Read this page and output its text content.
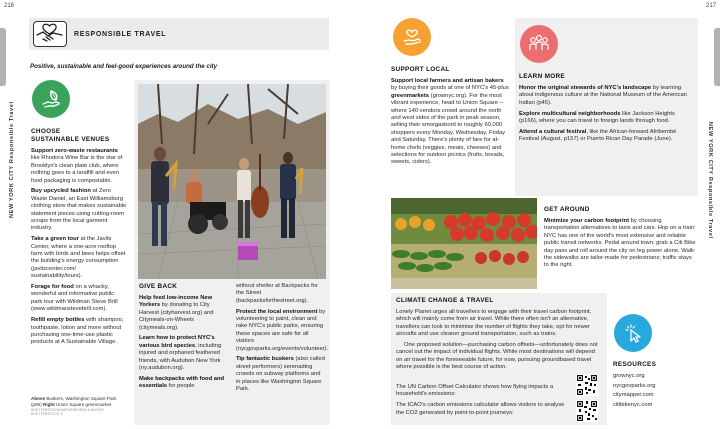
216
NEW YORK CITY Responsible Travel
RESPONSIBLE TRAVEL
Positive, sustainable and feel-good experiences around the city
CHOOSE
SUSTAINABLE VENUES

Support zero-waste restaurants like Rhodora Wine Bar is the star of Brooklyn's clean plate club, where nothing goes to a landfill and even food packaging is compostable.

Buy upcycled fashion at Zero Waste Daniel, an East Williamsburg clothing store that makes sustainable statement pieces using cutting-room scraps from the local garment industry.

Take a green tour at the Javits Center, where a one-acre rooftop farm with birds and bees helps offset the building's energy consumption (javitzcenter.com/ sustainability/tours).

Forage for food on a whacky, wonderful and informative public park tour with Wildman Steve Brill (www.wildmanstevebrill.com).

Refill empty bottles with shampoo, toothpaste, lotion and more without purchasing one-time-use plastic products at A Sustainable Village.

Above Buskers, Washington Square Park (p85) Right Union Square greenmarket
SHUTTERSTOCK/NARUSHEVSKA & ALEXEY SHUTTERSTOCK ©
GIVE BACK

Help feed low-income New Yorkers by donating to City Harvest (cityharvest.org) and Citymeals-on-Wheels (citymeals.org).

Learn how to protect NYC's various bird species, including injured and orphaned feathered friends, with Audubon New York (ny.audubon.org).

Make backpacks with food and essentials for people

without shelter at Backpacks for the Street (backpacksforthestreet.org).

Protect the local environment by volunteering to paint, clean and rake NYC's public parks, ensuring these spaces are safe for all visitors (nycgovparks.org/events/volunteer).

Tip fantastic buskers (also called street performers) serenading crowds on subway platforms and in places like Washington Square Park.

217
NEW YORK CITY Responsible Travel
SUPPORT LOCAL

Support local farmers and artisan bakers by buying their goods at one of NYC's 45-plus greenmarkets (grownyc.org). For the most vibrant experience, head to Union Square – where 140 vendors crowd around the north and west sides of the park in peak season, selling their smorgasbord to roughly 60,000 shoppers every Monday, Wednesday, Friday and Saturday. There's plenty of fare for at-home chefs (veggies, meats, cheeses) and selections for outdoor picnics (fruits, breads, sweets, ciders).

LEARN MORE

Honor the original stewards of NYC's landscape by learning about indigenous culture at the National Museum of the American Indian (p45).

Explore multicultural neighborhoods like Jackson Heights (p166), where you can travel to foreign lands through food.

Attend a cultural festival, like the African-forward Afribembé Festival (August, p157) or Puerto Rican Day Parade (June).

GET AROUND

Minimize your carbon footprint by choosing transportation alternatives to taxis and cars. Hop on a train: NYC has one of the world's most extensive and reliable public transit networks. Pedal around town: grab a Citi Bike day pass and roll around the city on leg power alone. Walk: the sidewalks are tailor-made for pedestrians; traffic stays to the right.

CLIMATE CHANGE & TRAVEL

Lonely Planet urges all travellers to engage with their travel carbon footprint, which will mainly come from air travel. While there often isn't an alternative, travellers can look to minimise the number of flights they take, opt for newer aircrafts and use cleaner ground transportation, such as trains.

One proposed solution—purchasing carbon offsets—unfortunately does not cancel out the impact of individual flights. While most destinations will depend on air travel for the foreseeable future, for now, pursuing groundbased travel where possible is the best course of action.

The UN Carbon Offset Calculator shows how flying impacts a household's emissions:

The ICAO's carbon emissions calculator allows visitors to analyse the CO2 generated by point-to-point journeys:

RESOURCES
grownyc.org
nycgovparks.org
citymapper.com
citibikenyc.com
